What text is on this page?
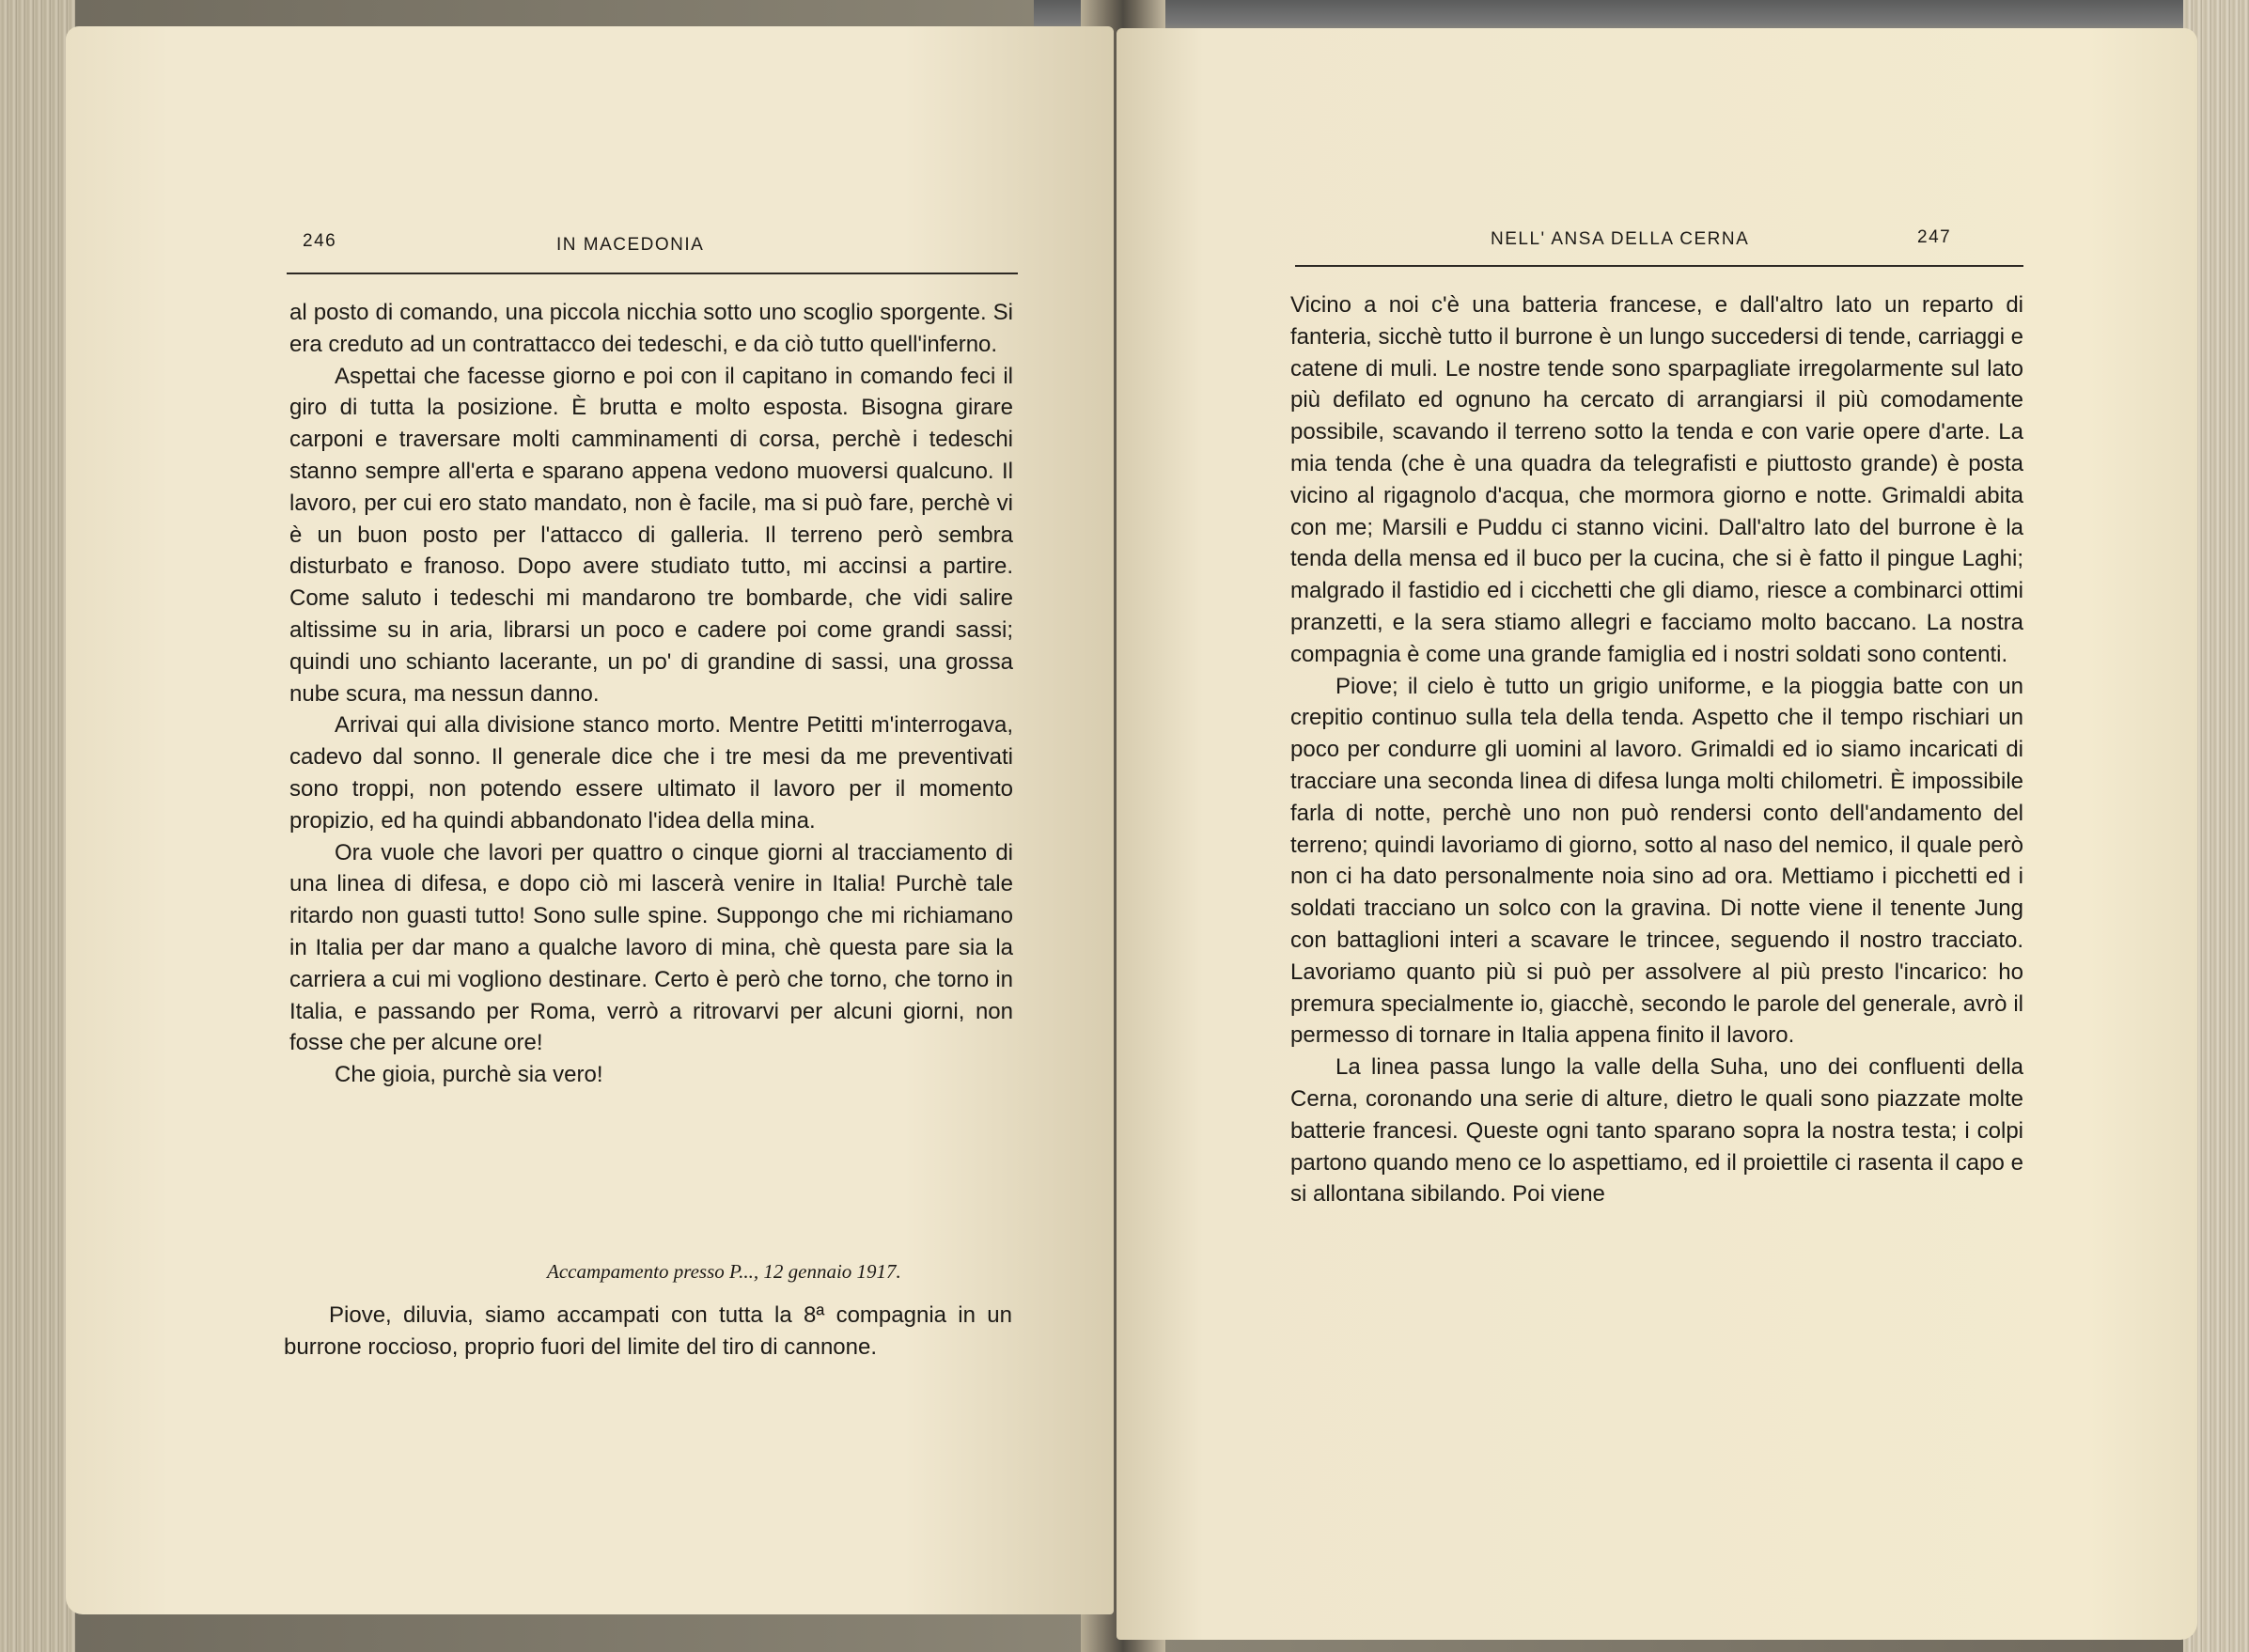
246	IN MACEDONIA

al posto di comando, una piccola nicchia sotto uno scoglio sporgente. Si era creduto ad un contrattacco dei tedeschi, e da ciò tutto quell'inferno.

Aspettai che facesse giorno e poi con il capitano in comando feci il giro di tutta la posizione. È brutta e molto esposta. Bisogna girare carponi e traversare molti camminamenti di corsa, perchè i tedeschi stanno sempre all'erta e sparano appena vedono muoversi qualcuno. Il lavoro, per cui ero stato mandato, non è facile, ma si può fare, perchè vi è un buon posto per l'attacco di galleria. Il terreno però sembra disturbato e franoso. Dopo avere studiato tutto, mi accinsi a partire. Come saluto i tedeschi mi mandarono tre bombarde, che vidi salire altissime su in aria, librarsi un poco e cadere poi come grandi sassi; quindi uno schianto lacerante, un po' di grandine di sassi, una grossa nube scura, ma nessun danno.

Arrivai qui alla divisione stanco morto. Mentre Petitti m'interrogava, cadevo dal sonno. Il generale dice che i tre mesi da me preventivati sono troppi, non potendo essere ultimato il lavoro per il momento propizio, ed ha quindi abbandonato l'idea della mina.

Ora vuole che lavori per quattro o cinque giorni al tracciamento di una linea di difesa, e dopo ciò mi lascerà venire in Italia! Purchè tale ritardo non guasti tutto! Sono sulle spine. Suppongo che mi richiamano in Italia per dar mano a qualche lavoro di mina, chè questa pare sia la carriera a cui mi vogliono destinare. Certo è però che torno, che torno in Italia, e passando per Roma, verrò a ritrovarvi per alcuni giorni, non fosse che per alcune ore!

Che gioia, purchè sia vero!

Accampamento presso P..., 12 gennaio 1917.

Piove, diluvia, siamo accampati con tutta la 8ª compagnia in un burrone roccioso, proprio fuori del limite del tiro di cannone.

NELL' ANSA DELLA CERNA	247

Vicino a noi c'è una batteria francese, e dall'altro lato un reparto di fanteria, sicchè tutto il burrone è un lungo succedersi di tende, carriaggi e catene di muli. Le nostre tende sono sparpagliate irregolarmente sul lato più defilato ed ognuno ha cercato di arrangiarsi il più comodamente possibile, scavando il terreno sotto la tenda e con varie opere d'arte. La mia tenda (che è una quadra da telegrafisti e piuttosto grande) è posta vicino al rigagnolo d'acqua, che mormora giorno e notte. Grimaldi abita con me; Marsili e Puddu ci stanno vicini. Dall'altro lato del burrone è la tenda della mensa ed il buco per la cucina, che si è fatto il pingue Laghi; malgrado il fastidio ed i cicchetti che gli diamo, riesce a combinarci ottimi pranzetti, e la sera stiamo allegri e facciamo molto baccano. La nostra compagnia è come una grande famiglia ed i nostri soldati sono contenti.

Piove; il cielo è tutto un grigio uniforme, e la pioggia batte con un crepitio continuo sulla tela della tenda. Aspetto che il tempo rischiari un poco per condurre gli uomini al lavoro. Grimaldi ed io siamo incaricati di tracciare una seconda linea di difesa lunga molti chilometri. È impossibile farla di notte, perchè uno non può rendersi conto dell'andamento del terreno; quindi lavoriamo di giorno, sotto al naso del nemico, il quale però non ci ha dato personalmente noia sino ad ora. Mettiamo i picchetti ed i soldati tracciano un solco con la gravina. Di notte viene il tenente Jung con battaglioni interi a scavare le trincee, seguendo il nostro tracciato. Lavoriamo quanto più si può per assolvere al più presto l'incarico: ho premura specialmente io, giacchè, secondo le parole del generale, avrò il permesso di tornare in Italia appena finito il lavoro.

La linea passa lungo la valle della Suha, uno dei confluenti della Cerna, coronando una serie di alture, dietro le quali sono piazzate molte batterie francesi. Queste ogni tanto sparano sopra la nostra testa; i colpi partono quando meno ce lo aspettiamo, ed il proiettile ci rasenta il capo e si allontana sibilando. Poi viene
